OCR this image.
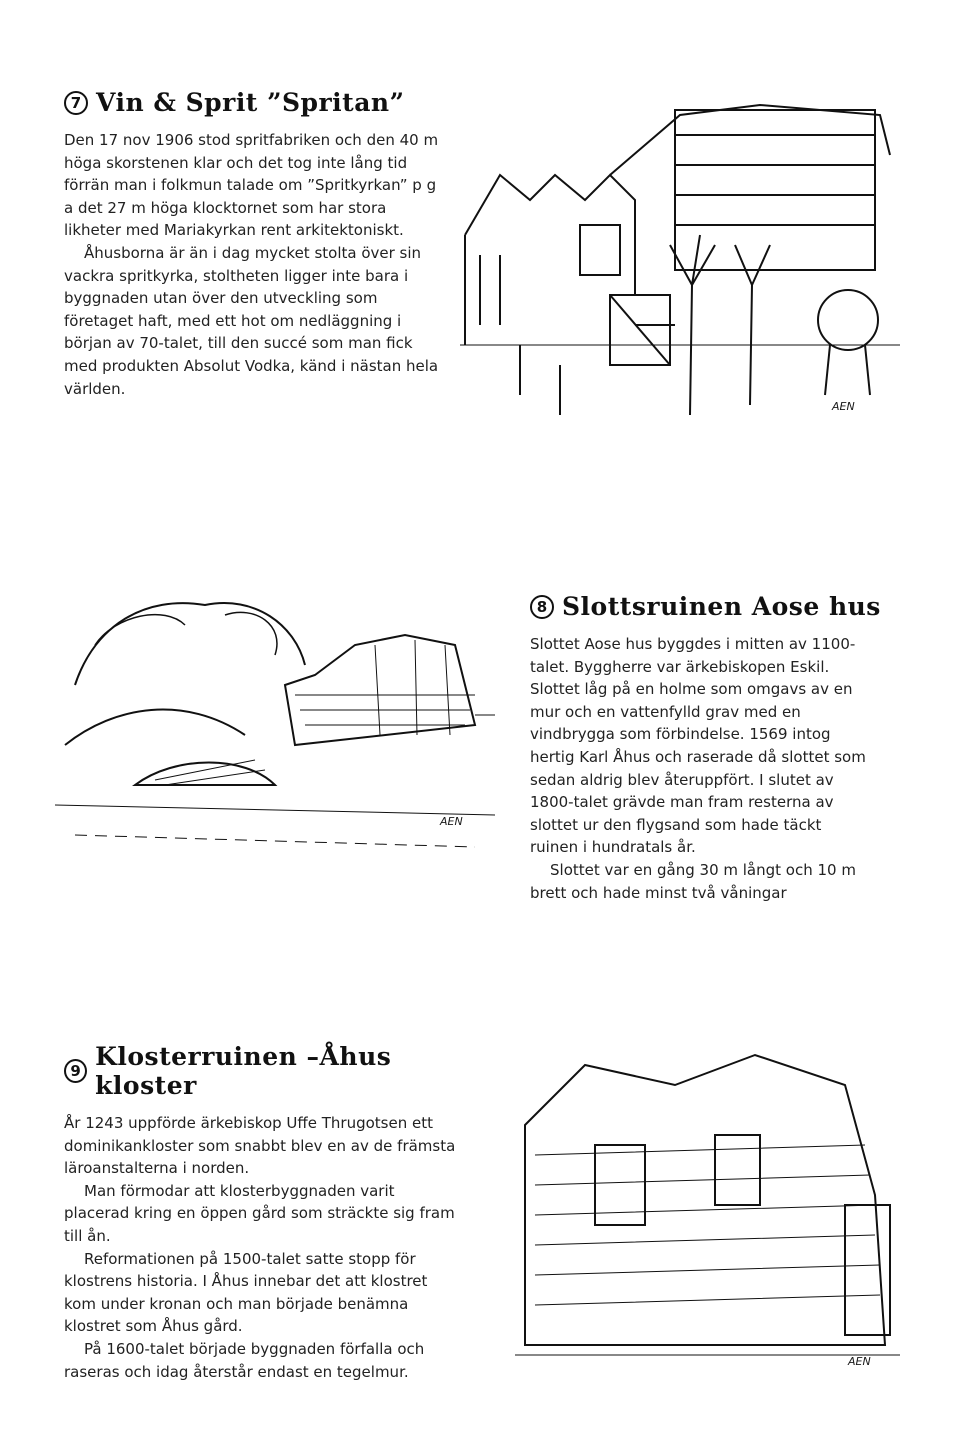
7 Vin & Sprit ”Spritan”

Den 17 nov 1906 stod spritfabriken och den 40 m höga skorstenen klar och det tog inte lång tid förrän man i folkmun talade om ”Spritkyrkan” p g a det 27 m höga klocktornet som har stora likheter med Mariakyrkan rent arkitektoniskt.

Åhusborna är än i dag mycket stolta över sin vackra spritkyrka, stoltheten ligger inte bara i byggnaden utan över den utveckling som företaget haft, med ett hot om nedläggning i början av 70-talet, till den succé som man fick med produkten Absolut Vodka, känd i nästan hela världen.

AEN
8 Slottsruinen Aose hus

Slottet Aose hus byggdes i mitten av 1100-talet. Byggherre var ärkebiskopen Eskil. Slottet låg på en holme som omgavs av en mur och en vattenfylld grav med en vindbrygga som förbindelse. 1569 intog hertig Karl Åhus och raserade då slottet som sedan aldrig blev återuppfört. I slutet av 1800-talet grävde man fram resterna av slottet ur den flygsand som hade täckt ruinen i hundratals år.

Slottet var en gång 30 m långt och 10 m brett och hade minst två våningar

AEN
9 Klosterruinen –Åhus kloster

År 1243 uppförde ärkebiskop Uffe Thrugotsen ett dominikankloster som snabbt blev en av de främsta läroanstalterna i norden.

Man förmodar att klosterbyggnaden varit placerad kring en öppen gård som sträckte sig fram till ån.

Reformationen på 1500-talet satte stopp för klostrens historia. I Åhus innebar det att klostret kom under kronan och man började benämna klostret som Åhus gård.

På 1600-talet började byggnaden förfalla och raseras och idag återstår endast en tegelmur.

AEN
